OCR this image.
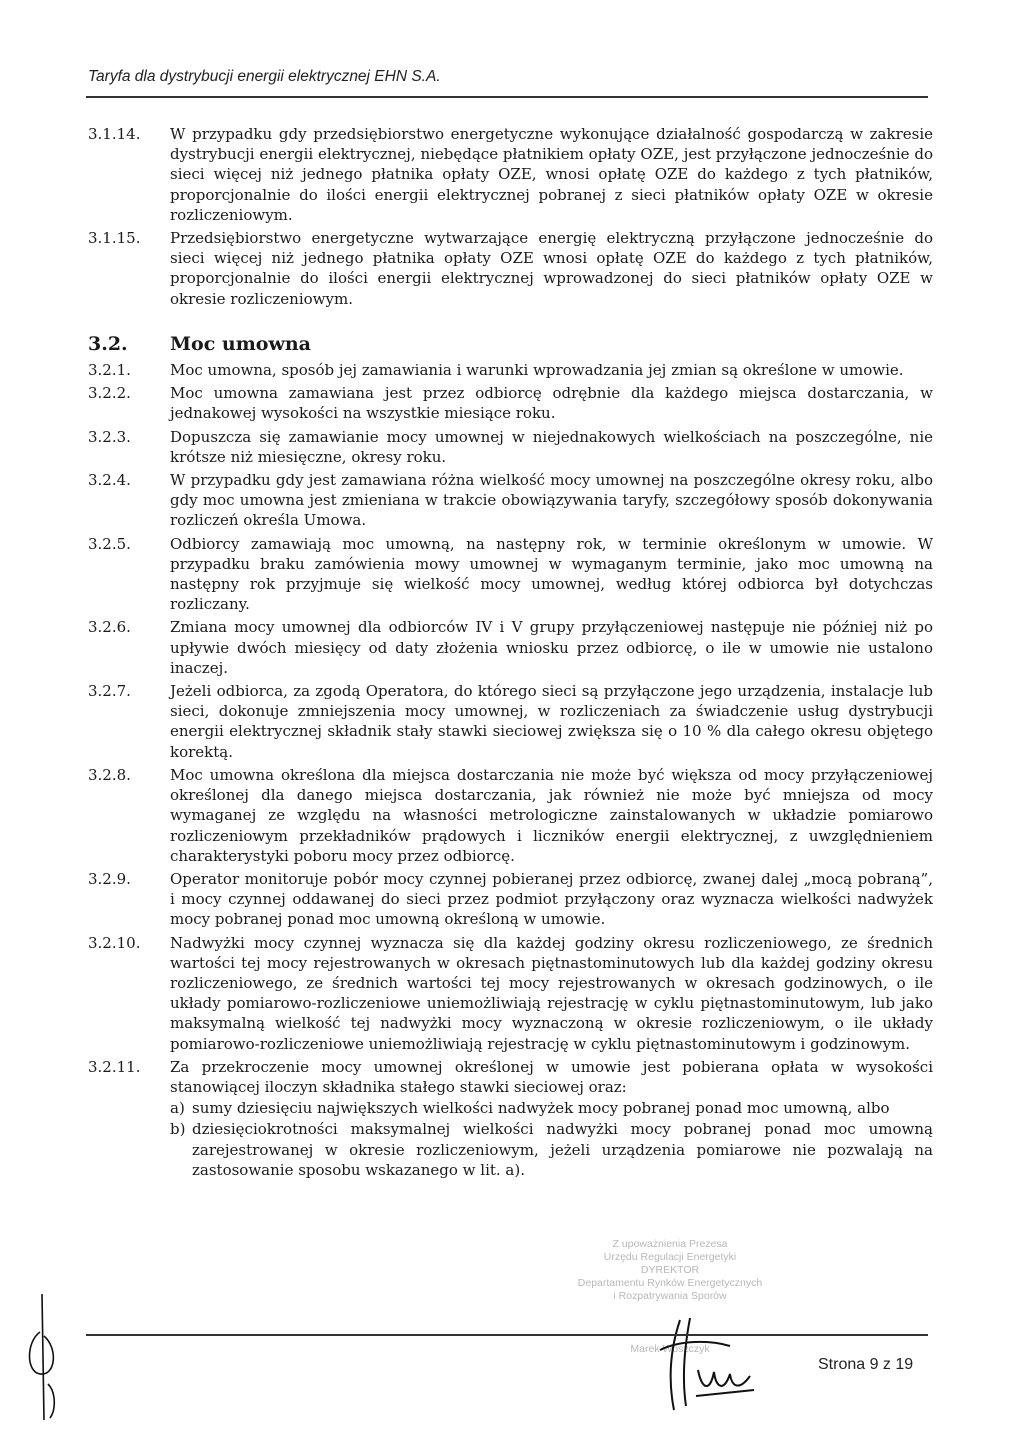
Taryfa dla dystrybucji energii elektrycznej EHN S.A.
3.1.14.	W przypadku gdy przedsiębiorstwo energetyczne wykonujące działalność gospodarczą w zakresie dystrybucji energii elektrycznej, niebędące płatnikiem opłaty OZE, jest przyłączone jednocześnie do sieci więcej niż jednego płatnika opłaty OZE, wnosi opłatę OZE do każdego z tych płatników, proporcjonalnie do ilości energii elektrycznej pobranej z sieci płatników opłaty OZE w okresie rozliczeniowym.
3.1.15.	Przedsiębiorstwo energetyczne wytwarzające energię elektryczną przyłączone jednocześnie do sieci więcej niż jednego płatnika opłaty OZE wnosi opłatę OZE do każdego z tych płatników, proporcjonalnie do ilości energii elektrycznej wprowadzonej do sieci płatników opłaty OZE w okresie rozliczeniowym.
3.2.	Moc umowna
3.2.1.	Moc umowna, sposób jej zamawiania i warunki wprowadzania jej zmian są określone w umowie.
3.2.2.	Moc umowna zamawiana jest przez odbiorcę odrębnie dla każdego miejsca dostarczania, w jednakowej wysokości na wszystkie miesiące roku.
3.2.3.	Dopuszcza się zamawianie mocy umownej w niejednakowych wielkościach na poszczególne, nie krótsze niż miesięczne, okresy roku.
3.2.4.	W przypadku gdy jest zamawiana różna wielkość mocy umownej na poszczególne okresy roku, albo gdy moc umowna jest zmieniana w trakcie obowiązywania taryfy, szczegółowy sposób dokonywania rozliczeń określa Umowa.
3.2.5.	Odbiorcy zamawiają moc umowną, na następny rok, w terminie określonym w umowie. W przypadku braku zamówienia mowy umownej w wymaganym terminie, jako moc umowną na następny rok przyjmuje się wielkość mocy umownej, według której odbiorca był dotychczas rozliczany.
3.2.6.	Zmiana mocy umownej dla odbiorców IV i V grupy przyłączeniowej następuje nie później niż po upływie dwóch miesięcy od daty złożenia wniosku przez odbiorcę, o ile w umowie nie ustalono inaczej.
3.2.7.	Jeżeli odbiorca, za zgodą Operatora, do którego sieci są przyłączone jego urządzenia, instalacje lub sieci, dokonuje zmniejszenia mocy umownej, w rozliczeniach za świadczenie usług dystrybucji energii elektrycznej składnik stały stawki sieciowej zwiększa się o 10 % dla całego okresu objętego korektą.
3.2.8.	Moc umowna określona dla miejsca dostarczania nie może być większa od mocy przyłączeniowej określonej dla danego miejsca dostarczania, jak również nie może być mniejsza od mocy wymaganej ze względu na własności metrologiczne zainstalowanych w układzie pomiarowo rozliczeniowym przekładników prądowych i liczników energii elektrycznej, z uwzględnieniem charakterystyki poboru mocy przez odbiorcę.
3.2.9.	Operator monitoruje pobór mocy czynnej pobieranej przez odbiorcę, zwanej dalej „mocą pobraną”, i mocy czynnej oddawanej do sieci przez podmiot przyłączony oraz wyznacza wielkości nadwyżek mocy pobranej ponad moc umowną określoną w umowie.
3.2.10.	Nadwyżki mocy czynnej wyznacza się dla każdej godziny okresu rozliczeniowego, ze średnich wartości tej mocy rejestrowanych w okresach piętnastominutowych lub dla każdej godziny okresu rozliczeniowego, ze średnich wartości tej mocy rejestrowanych w okresach godzinowych, o ile układy pomiarowo-rozliczeniowe uniemożliwiają rejestrację w cyklu piętnastominutowym, lub jako maksymalną wielkość tej nadwyżki mocy wyznaczoną w okresie rozliczeniowym, o ile układy pomiarowo-rozliczeniowe uniemożliwiają rejestrację w cyklu piętnastominutowym i godzinowym.
3.2.11.	Za przekroczenie mocy umownej określonej w umowie jest pobierana opłata w wysokości stanowiącej iloczyn składnika stałego stawki sieciowej oraz:
a) sumy dziesięciu największych wielkości nadwyżek mocy pobranej ponad moc umowną, albo
b) dziesięciokrotności maksymalnej wielkości nadwyżki mocy pobranej ponad moc umowną zarejestrowanej w okresie rozliczeniowym, jeżeli urządzenia pomiarowe nie pozwalają na zastosowanie sposobu wskazanego w lit. a).
Z upoważnienia Prezesa
Urzędu Regulacji Energetyki
DYREKTOR
Departamentu Rynków Energetycznych
i Rozpatrywania Sporów
Marek Woszczyk
Strona 9 z 19
